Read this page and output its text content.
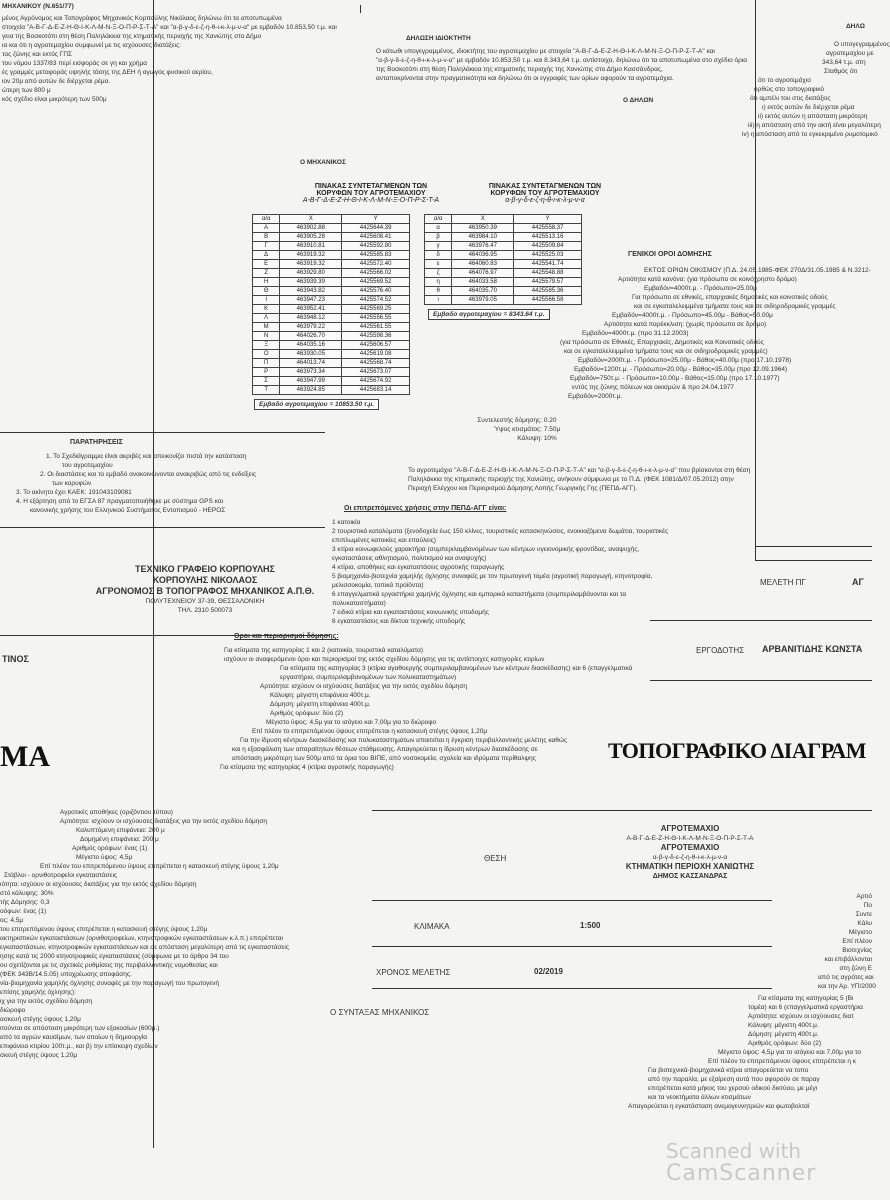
ΜΗΧΑΝΙΚΟΥ (Ν.651/77)
ΔΗΛΩΣΗ ΙΔΙΟΚΤΗΤΗ
ΔΗΛΩ
μένος Αγρόνομος και Τοπογράφος Μηχανικός Κορπούλης Νικόλαος δηλώνω ότι τα αποτυπωμένα
στοιχεία "Α-Β-Γ-Δ-Ε-Ζ-Η-Θ-Ι-Κ-Λ-Μ-Ν-Ξ-Ο-Π-Ρ-Σ-Τ-Α" και "α-β-γ-δ-ε-ζ-η-θ-ι-κ-λ-μ-ν-α" με εμβαδόν 10.853,50 τ.μ. και
γεια της Βοσκοτόπι στη θέση Παληλάκκια της κτηματικής περιοχής της Χανιώτης στο Δήμο
ια και ότι η αγροτεμαχίου συμφωνεί με τις ισχύουσες διατάξεις:
τος ζώνης και εκτός ΓΠΣ
του νόμου 1337/83 περί εισφοράς σε γη και χρήμα
ές γραμμές μεταφοράς υψηλής τάσης της ΔΕΗ ή αγωγός φυσικού αερίου,
ιον 20μ από αυτών δε διέρχεται ρέμα.
ώτερη των 800 μ
κός σχέδιο είναι μικρότερη των 500μ
Ο ΜΗΧΑΝΙΚΟΣ
Ο κάτωθι υπογεγραμμένος, ιδιοκτήτης του αγροτεμαχίου με στοιχεία "Α-Β-Γ-Δ-Ε-Ζ-Η-Θ-Ι-Κ-Λ-Μ-Ν-Ξ-Ο-Π-Ρ-Σ-Τ-Α" και
"α-β-γ-δ-ε-ζ-η-θ-ι-κ-λ-μ-ν-α" με εμβαδόν 10.853,50 τ.μ. και 8.343,64 τ.μ. αντίστοιχα, δηλώνω ότι τα αποτυπωμένα στο σχέδιο όρια
της Βοσκοτόπι στη θέση Παληλάκκια της κτηματικής περιοχής της Χανιώτης στο Δήμο Κασσάνδρας,
ανταποκρίνονται στην πραγματικότητα και δηλώνω ότι οι εγγραφές των ορίων αφορούν τα αγροτεμάχια.
Ο ΔΗΛΩΝ
Ο υπογεγραμμένος
αγροτεμαχίου με
343,64 τ.μ. στη
Σταθμός ότι
ότι το αγροτεμάχιο
ορθώς στο τοπογραφικό
ότι αμπέλι του στις διατάξεις
ι) εκτός αυτών δε διέρχεται ρέμα
ii) εκτός αυτών η απόσταση μικρότερη
iii) η απόσταση από την ακτή είναι μεγαλύτερη
iv) η απόσταση από το εγκεκριμένο ρυμοτομικό
ΠΙΝΑΚΑΣ ΣΥΝΤΕΤΑΓΜΕΝΩΝ ΤΩΝ
ΚΟΡΥΦΩΝ ΤΟΥ ΑΓΡΟΤΕΜΑΧΙΟΥ
Α-Β-Γ-Δ-Ε-Ζ-Η-Θ-Ι-Κ-Λ-Μ-Ν-Ξ-Ο-Π-Ρ-Σ-Τ-Α
α/α	Χ	Υ
Α	463902.88	4425644.39
Β	463905.28	4425608.41
Γ	463910.81	4425592.80
Δ	463919.32	4425585.83
Ε	463919.32	4425572.40
Ζ	463929.80	4425566.02
Η	463939.39	4425569.52
Θ	463943.82	4425576.40
Ι	463947.23	4425574.52
Κ	463952.41	4425569.25
Λ	463948.12	4425556.55
Μ	463979.22	4425561.55
Ν	464026.70	4425598.36
Ξ	464035.16	4425606.57
Ο	463930.05	4425619.08
Π	464013.74	4425568.74
Ρ	463973.34	4425673.07
Σ	463947.99	4425674.92
Τ	463924.85	4425683.14
Εμβαδό αγροτεμαχίου = 10853.50 τ.μ.
ΠΙΝΑΚΑΣ ΣΥΝΤΕΤΑΓΜΕΝΩΝ ΤΩΝ
ΚΟΡΥΦΩΝ ΤΟΥ ΑΓΡΟΤΕΜΑΧΙΟΥ
α-β-γ-δ-ε-ζ-η-θ-ι-κ-λ-μ-ν-α
α/α	Χ	Υ
α	463950.39	4425558.37
β	463984.10	4425513.16
γ	463976.47	4425509.84
δ	464036.95	4425525.03
ε	464060.83	4425541.74
ζ	464076.97	4425548.88
η	464033.58	4425579.57
θ	464035.70	4425585.36
ι	463979.05	4425566.58
Εμβαδό αγροτεμαχίου = 8343.64 τ.μ.
ΓΕΝΙΚΟΙ ΟΡΟΙ ΔΟΜΗΣΗΣ
ΕΚΤΟΣ ΟΡΙΩΝ ΟΙΚΙΣΜΟΥ (Π.Δ. 24.05.1985-ΦΕΚ 270Δ/31.05.1985 & Ν.3212-
Αρτιότητα κατά κανόνα: (για πρόσωπο σε κοινόχρηστο δρόμο)
Εμβαδόν=4000τ.μ. - Πρόσωπο=25.00μ
Για πρόσωπο σε εθνικές, επαρχιακές δημοτικές και κοινοτικές οδούς
και σε εγκαταλελειμμένα τμήματα τους και σε σιδηροδρομικές γραμμές
Εμβαδόν=4000τ.μ. - Πρόσωπο=45.00μ - Βάθος=50.00μ
Αρτιότητα κατά παρέκκλιση: (χωρίς πρόσωπο σε δρόμο)
Εμβαδόν=4000τ.μ. (προ 31.12.2003)
(για πρόσωπο σε Εθνικές, Επαρχιακές, Δημοτικές και Κοινοτικές οδούς
και σε εγκαταλελειμμένα τμήματα τους και σε σιδηροδρομικές γραμμές)
Εμβαδόν=2000τ.μ. - Πρόσωπο=25.00μ - Βάθος=40.00μ (προ 17.10.1978)
Εμβαδόν=1200τ.μ. - Πρόσωπο=20.00μ - Βάθος=35.00μ (προ 12.09.1964)
Εμβαδόν=750τ.μ. - Πρόσωπο=10.00μ - Βάθος=15.00μ (προ 17.10.1977)
εντός της ζώνης πόλεων και οικισμών & προ 24.04.1977
Εμβαδόν=2000τ.μ.
Συντελεστής δόμησης: 0.20
Ύψος κτισμάτος: 7.50μ
Κάλυψη: 10%
ΠΑΡΑΤΗΡΗΣΕΙΣ
1. Το Σχεδιάγραμμα είναι ακριβές και απεικονίζει πιστά την κατάσταση
του αγροτεμαχίου
2. Οι διαστάσεις και το εμβαδό ανακοινώνονται ανακριβώς από τις ενδείξεις
των κορυφών
3. Το ακίνητο έχει ΚΑΕΚ: 191043109081
4. Η εξάρτηση από το ΕΓΣΑ 87 πραγματοποιήθηκε με σύστημα GPS και
κανονικής χρήσης του Ελληνικού Συστήματος Εντοπισμού - ΗΕΡΟΣ
Το αγροτεμάχιο "Α-Β-Γ-Δ-Ε-Ζ-Η-Θ-Ι-Κ-Λ-Μ-Ν-Ξ-Ο-Π-Ρ-Σ-Τ-Α" και "α-β-γ-δ-ε-ζ-η-θ-ι-κ-λ-μ-ν-α" που βρίσκονται στη θέση
Παληλάκκια της κτηματικής περιοχής της Χανιώτης, ανήκουν σύμφωνα με το Π.Δ. (ΦΕΚ 1081/Δ/07.05.2012) στην
Περιοχή Ελέγχου και Περιορισμού Δόμησης Λοπής Γεωργικής Γης (ΠΕΠΔ-ΑΓΓ).
Οι επιτρεπόμενες χρήσεις στην ΠΕΠΔ-ΑΓΓ είναι:
1 κατοικία
2 τουριστικά καταλύματα (ξενοδοχεία έως 150 κλίνες, τουριστικές κατασκηνώσεις, ενοικιαζόμενα δωμάτια, τουριστικές
επιπλωμένες κατοικίες και επαύλεις)
3 κτίρια κοινωφελούς χαρακτήρα (συμπεριλαμβανομένων των κέντρων υγειονομικής φροντίδας, αναψυχής,
εγκαταστάσεις αθλητισμού, πολιτισμού και αναψυχής)
4 κτίρια, αποθήκες και εγκαταστάσεις αγροτικής παραγωγής
5 βιομηχανία-βιοτεχνία χαμηλής όχλησης συναφείς με τον πρωτογενή τομέα (αγροτική παραγωγή, κτηνοτροφία,
μελισσοκομία, τοπικά προϊόντα)
6 επαγγελματικά εργαστήρια χαμηλής όχλησης και εμπορικά καταστήματα (συμπεριλαμβάνονται και τα
πολυκαταστήματα)
7 ειδικά κτίρια και εγκαταστάσεις κοινωνικής υποδομής
8 εγκαταστάσεις και δίκτυα τεχνικής υποδομής
Οροι και περιορισμοί δόμησης:
Για κτίσματα της κατηγορίας 1 και 2 (κατοικία, τουριστικά καταλύματα)
ισχύουν οι αναφερόμενοι όροι και περιορισμοί της εκτός σχεδίου δόμησης για τις αντίστοιχες κατηγορίες κτιρίων
Για κτίσματα της κατηγορίας 3 (κτίρια αγαθοεργής συμπεριλαμβανομένων των κέντρων διασκέδασης) και 6 (επαγγελματικά
εργαστήρια, συμπεριλαμβανομένων των πολυκαταστημάτων)
Αρτιότητα: ισχύουν οι ισχύουσες διατάξεις για την εκτός σχεδίου δόμηση
Κάλυψη: μέγιστη επιφάνεια 400τ.μ.
Δόμηση: μέγιστη επιφάνεια 400τ.μ.
Αριθμός ορόφων: δύο (2)
Μέγιστο ύψος: 4,5μ για το ισόγειο και 7,00μ για το διώροφο
Επί πλέον το επιτρεπόμενου ύψους επιτρέπεται η κατασκευή στέγης ύψους 1,20μ
Για την ίδρυση κέντρων διασκέδασης και πολυκαταστημάτων απαιτείται η έγκριση περιβαλλοντικής μελέτης καθώς
και η εξασφάλιση των απαραίτητων θέσεων στάθμευσης. Απαγορεύεται η ίδρυση κέντρων διασκέδασης σε
απόσταση μικρότερη των 500μ από τα όρια του ΒΙΠΕ, από νοσοκομεία, σχολεία και ιδρύματα περίθαλψης
Για κτίσματα της κατηγορίας 4 (κτίρια αγροτικής παραγωγής)
Αγροτικές αποθήκες (οριζόντιου τύπου)
Αρτιότητα: ισχύουν οι ισχύουσες διατάξεις για την εκτός σχεδίου δόμηση
Καλυπτόμενη επιφάνεια: 200 μ
Δομημένη επιφάνεια: 200 μ
Αριθμός ορόφων: ένας (1)
Μέγιστο ύψος: 4,5μ
Επί πλέον του επιτρεπόμενου ύψους επιτρέπεται η κατασκευή στέγης ύψους 1,20μ
Στάβλοι - ορνιθοτροφείοι εγκαταστάσεις
ιότητα: ισχύουν οι ισχύουσες διατάξεις για την εκτός σχεδίου δόμηση
στό κάλυψης: 30%
τής Δόμησης: 0,3
οόφων: ένας (1)
ος: 4,5μ
του επιτρεπόμενου ύψους επιτρέπεται η κατασκευή στέγης ύψους 1,20μ
ακτηριστικών εγκαταστάσεων (ορνιθοτροφείων, κτηνοτροφικών εγκαταστάσεων κ.λ.π.) επιτρέπεται
εγκαταστάσεων, κτηνοτροφικών εγκαταστάσεων και σε απόσταση μεγαλύτερη από τις εγκαταστάσεις
ησης κατά τις 2000 κτηνοτροφικές εγκαταστάσεις (σύμφωνα με το άρθρο 34 του
ου σχετίζονται με τις σχετικές ρυθμίσεις της περιβαλλοντικής νομοθεσίας και
(ΦΕΚ 343Β/14.5.05) υποχρέωσης αποφάσης.
νία-βιομηχανία χαμηλής όχλησης συναφές με την παραγωγή του πρωτογενή
επίσης χαμηλής όχλησης):
ιχ για την εκτός σχεδίου δόμηση
διώροφο
ασκευή στέγης ύψους 1,20μ
ιτούνται σε απόσταση μικρότερη των εξακοσίων (600μ.)
από τα αγρών καυσίμων, των οποίων η δημιουργία
επιφάνεια κτιρίου 100τ.μ., και β) την επίσκεψη σχεδίων
σκευή στέγης ύψους 1,20μ
ΤΕΧΝΙΚΟ ΓΡΑΦΕΙΟ ΚΟΡΠΟΥΛΗΣ
ΚΟΡΠΟΥΛΗΣ ΝΙΚΟΛΑΟΣ
ΑΓΡΟΝΟΜΟΣ Β ΤΟΠΟΓΡΑΦΟΣ ΜΗΧΑΝΙΚΟΣ Α.Π.Θ.
ΠΟΛΥΤΕΧΝΕΙΟΥ 37-39, ΘΕΣΣΑΛΟΝΙΚΗ
ΤΗΛ. 2310 500073
ΤΙΝΟΣ
ΜΑ
ΜΕΛΕΤΗ ΠΓ	ΑΓ
ΕΡΓΟΔΟΤΗΣ ΑΡΒΑΝΙΤΙΔΗΣ ΚΩΝΣΤΑ
ΤΟΠΟΓΡΑΦΙΚΟ ΔΙΑΓΡΑΜ
ΘΕΣΗ
ΑΓΡΟΤΕΜΑΧΙΟ
Α-Β-Γ-Δ-Ε-Ζ-Η-Θ-Ι-Κ-Λ-Μ-Ν-Ξ-Ο-Π-Ρ-Σ-Τ-Α
ΑΓΡΟΤΕΜΑΧΙΟ
α-β-γ-δ-ε-ζ-η-θ-ι-κ-λ-μ-ν-α
ΚΤΗΜΑΤΙΚΗ ΠΕΡΙΟΧΗ ΧΑΝΙΩΤΗΣ
ΔΗΜΟΣ ΚΑΣΣΑΝΔΡΑΣ
ΚΛΙΜΑΚΑ	1:500
ΧΡΟΝΟΣ ΜΕΛΕΤΗΣ	02/2019
Ο ΣΥΝΤΑΞΑΣ ΜΗΧΑΝΙΚΟΣ
Αρτιό
Πο
Συντε
Κάλυ
Μέγιστο
Επί πλέον
Βιοτεχνίας
και επιβάλλονται
στη ζώνη Ε
από τις αγρότες και
και την Αρ. ΥΠ/2000
Για κτίσματα της κατηγορίας 5 (Βι
τομέα) και 6 (επαγγελματικά εργαστήρια
Αρτιότητα: ισχύουν οι ισχύουσες διατ
Κάλυψη: μέγιστη 400τ.μ.
Δόμηση: μέγιστη 400τ.μ.
Αριθμός ορόφων: δύο (2)
Μέγιστο ύψος: 4,5μ για το ισόγειο και 7,00μ για το
Επί πλέον το επιτρεπόμενου ύψους επιτρέπεται η κ
Για βιοτεχνικά-βιομηχανικά κτίρια απαγορεύεται να τοπο
από την παραλία, με εξαίρεση αυτά που αφορούν σε παραγ
επιτρέπεται κατά μήκος του χερσού οδικού δικτύου, με μέγι
και τα νεοκτήματα άλλων κτισμάτων
Απαγορεύεται η εγκατάσταση ανεμογεννητριών και φωτοβολταϊ
Scanned with
CamScanner
